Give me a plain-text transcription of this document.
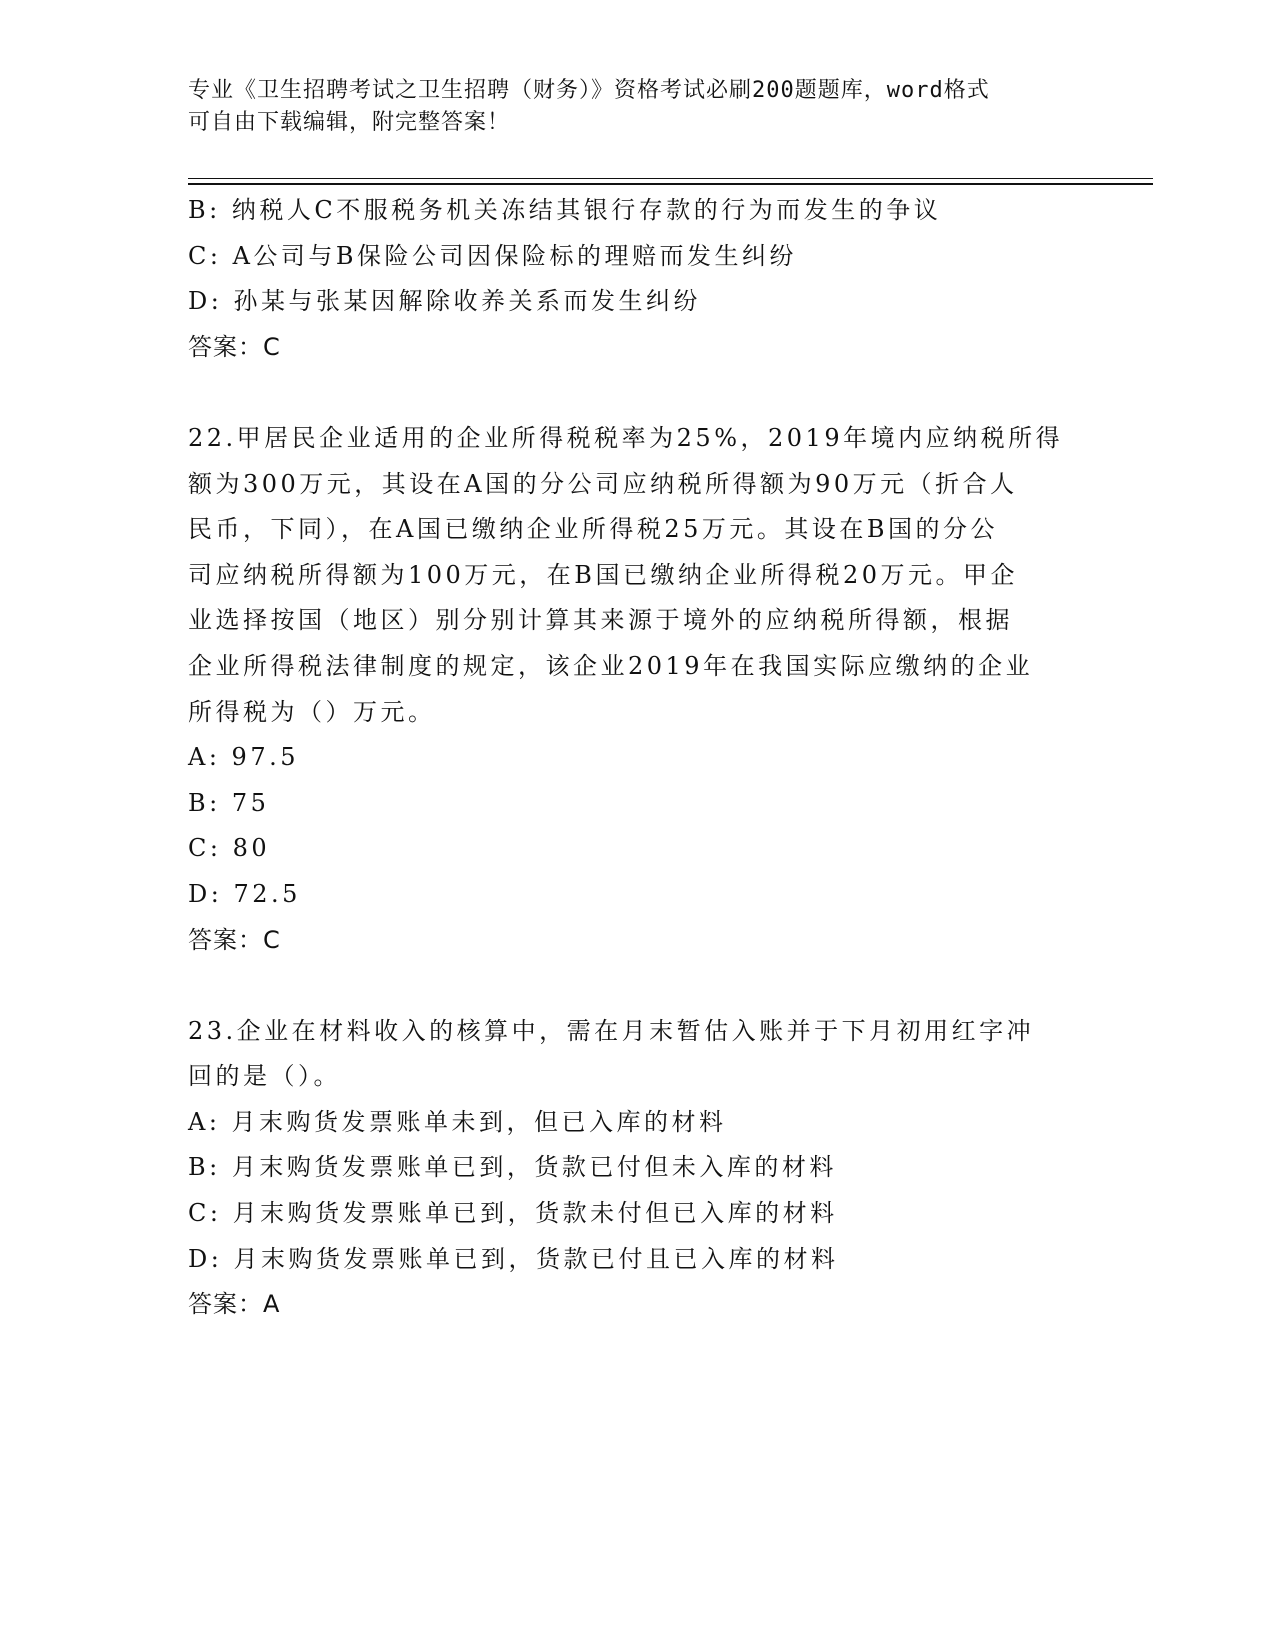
专业《卫生招聘考试之卫生招聘（财务）》资格考试必刷200题题库，word格式
可自由下载编辑，附完整答案！
B: 纳税人C不服税务机关冻结其银行存款的行为而发生的争议
C: A公司与B保险公司因保险标的理赔而发生纠纷
D: 孙某与张某因解除收养关系而发生纠纷
答案：C
22.甲居民企业适用的企业所得税税率为25%，2019年境内应纳税所得
额为300万元，其设在A国的分公司应纳税所得额为90万元（折合人
民币，下同），在A国已缴纳企业所得税25万元。其设在B国的分公
司应纳税所得额为100万元，在B国已缴纳企业所得税20万元。甲企
业选择按国（地区）别分别计算其来源于境外的应纳税所得额，根据
企业所得税法律制度的规定，该企业2019年在我国实际应缴纳的企业
所得税为（）万元。
A: 97.5
B: 75
C: 80
D: 72.5
答案：C
23.企业在材料收入的核算中，需在月末暂估入账并于下月初用红字冲
回的是（）。
A: 月末购货发票账单未到，但已入库的材料
B: 月末购货发票账单已到，货款已付但未入库的材料
C: 月末购货发票账单已到，货款未付但已入库的材料
D: 月末购货发票账单已到，货款已付且已入库的材料
答案：A
